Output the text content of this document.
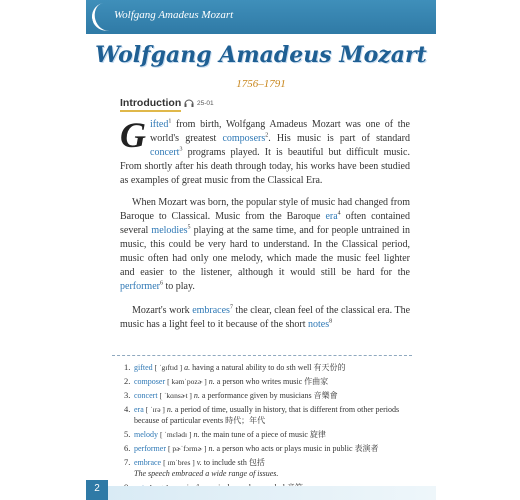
Wolfgang Amadeus Mozart
Wolfgang Amadeus Mozart
1756–1791
Introduction 25-01

Gifted$^1$ from birth, Wolfgang Amadeus Mozart was one of the world's greatest composers$^2$. His music is part of standard concert$^3$ programs played. It is beautiful but difficult music. From shortly after his death through today, his works have been studied as examples of great music from the Classical Era.

When Mozart was born, the popular style of music had changed from Baroque to Classical. Music from the Baroque era$^4$ often contained several melodies$^5$ playing at the same time, and for people untrained in music, this could be very hard to understand. In the Classical period, music often had only one melody, which made the music feel lighter and easier to the listener, although it would still be hard for the performer$^6$ to play.

Mozart's work embraces$^7$ the clear, clean feel of the classical era. The music has a light feel to it because of the short notes$^8$

1. gifted [ ˈgɪftɪd ] a. having a natural ability to do sth well 有天份的
2. composer [ kəmˈpozɚ ] n. a person who writes music 作曲家
3. concert [ ˈkɑnsɚt ] n. a performance given by musicians 音樂會
4. era [ ˈɪrə ] n. a period of time, usually in history, that is different from other periods because of particular events 時代；年代
5. melody [ ˈmɛlədɪ ] n. the main tune of a piece of music 旋律
6. performer [ pɚˈfɔrmɚ ] n. a person who acts or plays music in public 表演者
7. embrace [ ɪmˈbres ] v. to include sth 包括
The speech embraced a wide range of issues.
2
